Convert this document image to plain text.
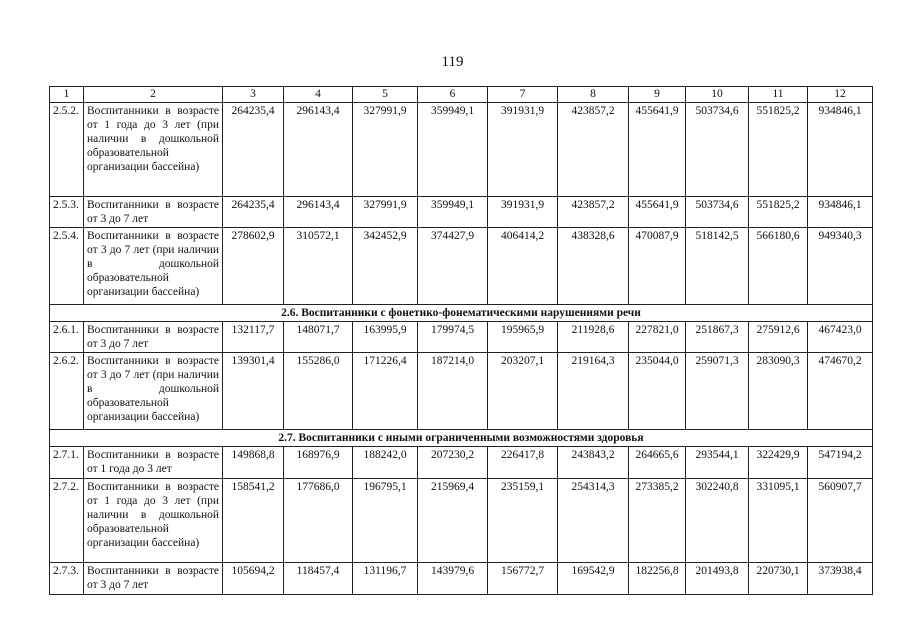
119
1	2	3	4	5	6	7	8	9	10	11	12
2.5.2.	Воспитанники в возрасте от 1 года до 3 лет (при наличии в дошкольной образовательной организации бассейна)	264235,4	296143,4	327991,9	359949,1	391931,9	423857,2	455641,9	503734,6	551825,2	934846,1
2.5.3.	Воспитанники в возрасте от 3 до 7 лет	264235,4	296143,4	327991,9	359949,1	391931,9	423857,2	455641,9	503734,6	551825,2	934846,1
2.5.4.	Воспитанники в возрасте от 3 до 7 лет (при наличии в дошкольной образовательной организации бассейна)	278602,9	310572,1	342452,9	374427,9	406414,2	438328,6	470087,9	518142,5	566180,6	949340,3
2.6. Воспитанники с фонетико-фонематическими нарушениями речи											
2.6.1.	Воспитанники в возрасте от 3 до 7 лет	132117,7	148071,7	163995,9	179974,5	195965,9	211928,6	227821,0	251867,3	275912,6	467423,0
2.6.2.	Воспитанники в возрасте от 3 до 7 лет (при наличии в дошкольной образовательной организации бассейна)	139301,4	155286,0	171226,4	187214,0	203207,1	219164,3	235044,0	259071,3	283090,3	474670,2
2.7. Воспитанники с иными ограниченными возможностями здоровья											
2.7.1.	Воспитанники в возрасте от 1 года до 3 лет	149868,8	168976,9	188242,0	207230,2	226417,8	243843,2	264665,6	293544,1	322429,9	547194,2
2.7.2.	Воспитанники в возрасте от 1 года до 3 лет (при наличии в дошкольной образовательной организации бассейна)	158541,2	177686,0	196795,1	215969,4	235159,1	254314,3	273385,2	302240,8	331095,1	560907,7
2.7.3.	Воспитанники в возрасте от 3 до 7 лет	105694,2	118457,4	131196,7	143979,6	156772,7	169542,9	182256,8	201493,8	220730,1	373938,4
